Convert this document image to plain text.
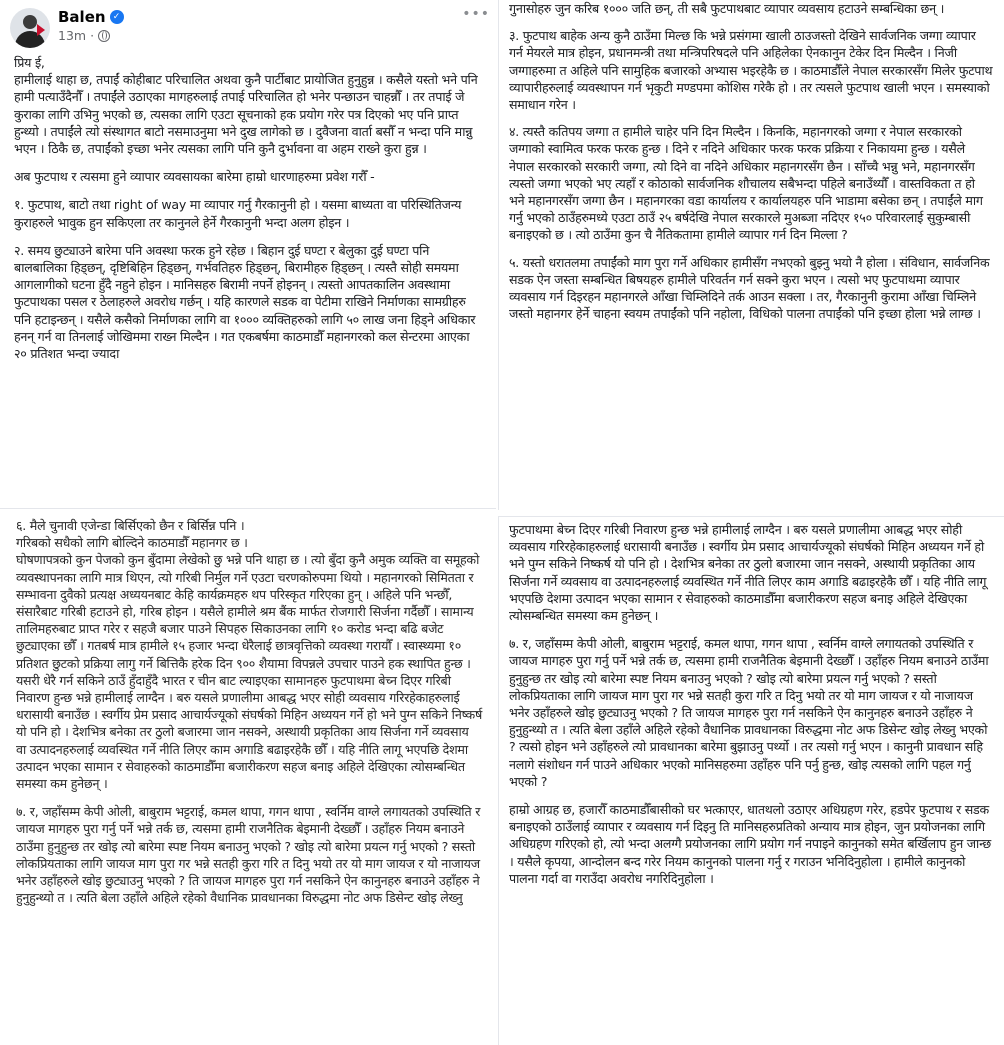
Balen ✓
13m ·
•••

प्रिय ई,
हामीलाई थाहा छ, तपाईं कोहीबाट परिचालित अथवा कुनै पार्टीबाट प्रायोजित हुनुहुन्न । कसैले यस्तो भने पनि हामी पत्याउँदैनौँ । तपाईंले उठाएका मागहरुलाई तपाई परिचालित हो भनेर पन्छाउन चाहन्नौँ । तर तपाई जे कुराका लागि उभिनु भएको छ, त्यसका लागि एउटा सूचनाको हक प्रयोग गरेर पत्र दिएको भए पनि प्राप्त हुन्थ्यो । तपाईंले त्यो संस्थागत बाटो नसमाउनुमा भने दुख लागेको छ । दुवैजना वार्ता बसौँ न भन्दा पनि मान्नु भएन । ठिकै छ, तपाईंको इच्छा भनेर त्यसका लागि पनि कुनै दुर्भावना वा अहम राख्ने कुरा हुन्न ।

अब फुटपाथ र त्यसमा हुने व्यापार व्यवसायका बारेमा हाम्रो धारणाहरुमा प्रवेश गरौँ -

१. फुटपाथ, बाटो तथा right of way मा व्यापार गर्नु गैरकानुनी हो । यसमा बाध्यता वा परिस्थितिजन्य कुराहरुले भावुक हुन सकिएला तर कानुनले हेर्ने गैरकानुनी भन्दा अलग होइन ।

२. समय छुट्याउने बारेमा पनि अवस्था फरक हुने रहेछ । बिहान दुई घण्टा र बेलुका दुई घण्टा पनि बालबालिका हिड्छन्, दृष्टिबिहिन हिड्छन्, गर्भवतिहरु हिड्छन्, बिरामीहरु हिड्छन् । त्यस्तै सोही समयमा आगलागीको घटना हुँदै नहुने होइन । मानिसहरु बिरामी नपर्ने होइनन् । त्यस्तो आपतकालिन अवस्थामा फुटपाथका पसल र ठेलाहरुले अवरोध गर्छन् । यहि कारणले सडक वा पेटीमा राखिने निर्माणका सामग्रीहरु पनि हटाइन्छन् । यसैले कसैको निर्माणका लागि वा १००० व्यक्तिहरुको लागि ५० लाख जना हिड्ने अधिकार हनन् गर्न वा तिनलाई जोखिममा राख्न मिल्दैन । गत एकबर्षमा काठमाडौँ महानगरको कल सेन्टरमा आएका २० प्रतिशत भन्दा ज्यादा

गुनासोहरु जुन करिब १००० जति छन्, ती सबै फुटपाथबाट व्यापार व्यवसाय हटाउने सम्बन्धिका छन् ।

३. फुटपाथ बाहेक अन्य कुनै ठाउँमा मिल्छ कि भन्ने प्रसंगमा खाली ठाउजस्तो देखिने सार्वजनिक जग्गा व्यापार गर्न मेयरले मात्र होइन, प्रधानमन्त्री तथा मन्त्रिपरिषदले पनि अहिलेका ऐनकानुन टेकेर दिन मिल्दैन । निजी जग्गाहरुमा त अहिले पनि सामुहिक बजारको अभ्यास भइरहेकै छ । काठमाडौँले नेपाल सरकारसँग मिलेर फुटपाथ व्यापारीहरुलाई व्यवस्थापन गर्न भृकुटी मण्डपमा कोशिस गरेकै हो । तर त्यसले फुटपाथ खाली भएन । समस्याको समाधान गरेन ।

४. त्यस्तै कतिपय जग्गा त हामीले चाहेर पनि दिन मिल्दैन । किनकि, महानगरको जग्गा र नेपाल सरकारको जग्गाको स्वामित्व फरक फरक हुन्छ । दिने र नदिने अधिकार फरक फरक प्रक्रिया र निकायमा हुन्छ । यसैले नेपाल सरकारको सरकारी जग्गा, त्यो दिने वा नदिने अधिकार महानगरसँग छैन । साँच्चै भन्नु भने, महानगरसँग त्यस्तो जग्गा भएको भए त्यहाँ र कोठाको सार्वजनिक शौचालय सबैभन्दा पहिले बनाउँथ्यौँ । वास्तविकता त हो भने महानगरसँग जग्गा छैन । महानगरका वडा कार्यालय र कार्यालयहरु पनि भाडामा बसेका छन् । तपाईंले माग गर्नु भएको ठाउँहरुमध्ये एउटा ठाउँ २५ बर्षदेखि नेपाल सरकारले मुअब्जा नदिएर १५० परिवारलाई सुकुम्बासी बनाइएको छ । त्यो ठाउँमा कुन चै नैतिकतामा हामीले व्यापार गर्न दिन मिल्ला ?

५. यस्तो धरातलमा तपाईंको माग पुरा गर्ने अधिकार हामीसँग नभएको बुझ्नु भयो नै होला । संविधान, सार्वजनिक सडक ऐन जस्ता सम्बन्धित बिषयहरु हामीले परिवर्तन गर्न सक्ने कुरा भएन । त्यसो भए फुटपाथमा व्यापार व्यवसाय गर्न दिइरहन महानगरले आँखा चिम्लिदिने तर्क आउन सक्ला । तर, गैरकानुनी कुरामा आँखा चिम्लिने जस्तो महानगर हेर्ने चाहना स्वयम तपाईंको पनि नहोला, विधिको पालना तपाईंको पनि इच्छा होला भन्ने लाग्छ ।

६. मैले चुनावी एजेन्डा बिर्सिएको छैन र बिर्सिन्न पनि ।
गरिबको सधैको लागि बोल्दिने काठमाडौँ महानगर छ ।
घोषणापत्रको कुन पेजको कुन बुँदामा लेखेको छु भन्ने पनि थाहा छ । त्यो बुँदा कुनै अमुक व्यक्ति वा समूहको व्यवस्थापनका लागि मात्र थिएन, त्यो गरिबी निर्मुल गर्ने एउटा चरणकोरुपमा थियो । महानगरको सिमितता र सम्भावना दुवैको प्रत्यक्ष अध्ययनबाट केहि कार्यक्रमहरु थप परिस्कृत गरिएका हुन् । अहिले पनि भन्छौँ, संसारैबाट गरिबी हटाउने हो, गरिब होइन । यसैले हामीले श्रम बैंक मार्फत रोजगारी सिर्जना गर्दैछौँ । सामान्य तालिमहरुबाट प्राप्त गरेर र सहजै बजार पाउने सिपहरु सिकाउनका लागि १० करोड भन्दा बढि बजेट छुट्याएका छौँ । गतबर्ष मात्र हामीले १५ हजार भन्दा धेरैलाई छात्रवृत्तिको व्यवस्था गरायौँ । स्वास्थ्यमा १० प्रतिशत छुटको प्रक्रिया लागु गर्ने बित्तिकै हरेक दिन ९०० शैयामा विपन्नले उपचार पाउने हक स्थापित हुन्छ । यसरी धेरै गर्न सकिने ठाउँ हुँदाहुँदै भारत र चीन बाट ल्याइएका सामानहरु फुटपाथमा बेच्न दिएर गरिबी निवारण हुन्छ भन्ने हामीलाई लाग्दैन । बरु यसले प्रणालीमा आबद्ध भएर सोही व्यवसाय गरिरहेकाहरुलाई धरासायी बनाउँछ । स्वर्गीय प्रेम प्रसाद आचार्यज्यूको संघर्षको मिहिन अध्ययन गर्ने हो भने पुग्न सकिने निष्कर्ष यो पनि हो । देशभित्र बनेका तर ठुलो बजारमा जान नसक्ने, अस्थायी प्रकृतिका आय सिर्जना गर्ने व्यवसाय वा उत्पादनहरुलाई व्यवस्थित गर्ने नीति लिएर काम अगाडि बढाइरहेकै छौँ । यहि नीति लागू भएपछि देशमा उत्पादन भएका सामान र सेवाहरुको काठमाडौँमा बजारीकरण सहज बनाइ अहिले देखिएका त्योसम्बन्धित समस्या कम हुनेछन् ।

७. र, जहाँसम्म केपी ओली, बाबुराम भट्टराई, कमल थापा, गगन थापा , स्वर्निम वाग्ले लगायतको उपस्थिति र जायज मागहरु पुरा गर्नु पर्ने भन्ने तर्क छ, त्यसमा हामी राजनैतिक बेइमानी देख्छौँ । उहाँहरु नियम बनाउने ठाउँमा हुनुहुन्छ तर खोइ त्यो बारेमा स्पष्ट नियम बनाउनु भएको ? खोइ त्यो बारेमा प्रयत्न गर्नु भएको ? सस्तो लोकप्रियताका लागि जायज माग पुरा गर भन्ने सतही कुरा गरि त दिनु भयो तर यो माग जायज र यो नाजायज भनेर उहाँहरुले खोइ छुट्याउनु भएको ? ति जायज मागहरु पुरा गर्न नसकिने ऐन कानुनहरु बनाउने उहाँहरु ने हुनुहुन्थ्यो त । त्यति बेला उहाँले अहिले रहेको वैधानिक प्रावधानका विरुद्धमा नोट अफ डिसेन्ट खोइ लेख्नु

फुटपाथमा बेच्न दिएर गरिबी निवारण हुन्छ भन्ने हामीलाई लाग्दैन । बरु यसले प्रणालीमा आबद्ध भएर सोही व्यवसाय गरिरहेकाहरुलाई धरासायी बनाउँछ । स्वर्गीय प्रेम प्रसाद आचार्यज्यूको संघर्षको मिहिन अध्ययन गर्ने हो भने पुग्न सकिने निष्कर्ष यो पनि हो । देशभित्र बनेका तर ठुलो बजारमा जान नसक्ने, अस्थायी प्रकृतिका आय सिर्जना गर्ने व्यवसाय वा उत्पादनहरुलाई व्यवस्थित गर्ने नीति लिएर काम अगाडि बढाइरहेकै छौँ । यहि नीति लागू भएपछि देशमा उत्पादन भएका सामान र सेवाहरुको काठमाडौँमा बजारीकरण सहज बनाइ अहिले देखिएका त्योसम्बन्धित समस्या कम हुनेछन् ।

७. र, जहाँसम्म केपी ओली, बाबुराम भट्टराई, कमल थापा, गगन थापा , स्वर्निम वाग्ले लगायतको उपस्थिति र जायज मागहरु पुरा गर्नु पर्ने भन्ने तर्क छ, त्यसमा हामी राजनैतिक बेइमानी देख्छौँ । उहाँहरु नियम बनाउने ठाउँमा हुनुहुन्छ तर खोइ त्यो बारेमा स्पष्ट नियम बनाउनु भएको ? खोइ त्यो बारेमा प्रयत्न गर्नु भएको ? सस्तो लोकप्रियताका लागि जायज माग पुरा गर भन्ने सतही कुरा गरि त दिनु भयो तर यो माग जायज र यो नाजायज भनेर उहाँहरुले खोइ छुट्याउनु भएको ? ति जायज मागहरु पुरा गर्न नसकिने ऐन कानुनहरु बनाउने उहाँहरु ने हुनुहुन्थ्यो त । त्यति बेला उहाँले अहिले रहेको वैधानिक प्रावधानका विरुद्धमा नोट अफ डिसेन्ट खोइ लेख्नु भएको ? त्यसो होइन भने उहाँहरुले त्यो प्रावधानका बारेमा बुझाउनु पर्थ्यो । तर त्यसो गर्नु भएन । कानुनी प्रावधान सहि नलागे संशोधन गर्न पाउने अधिकार भएको मानिसहरुमा उहाँहरु पनि पर्नु हुन्छ, खोइ त्यसको लागि पहल गर्नु भएको ?

हाम्रो आग्रह छ, हजारौँ काठमाडौँबासीको घर भत्काएर, धातथलो उठाएर अधिग्रहण गरेर, हडपेर फुटपाथ र सडक बनाइएको ठाउँलाई व्यापार र व्यवसाय गर्न दिइनु ति मानिसहरुप्रतिको अन्याय मात्र होइन, जुन प्रयोजनका लागि अधिग्रहण गरिएको हो, त्यो भन्दा अलग्गै प्रयोजनका लागि प्रयोग गर्न नपाइने कानुनको समेत बर्खिलाप हुन जान्छ । यसैले कृपया, आन्दोलन बन्द गरेर नियम कानुनको पालना गर्नु र गराउन भनिदिनुहोला । हामीले कानुनको पालना गर्दा वा गराउँदा अवरोध नगरिदिनुहोला ।
